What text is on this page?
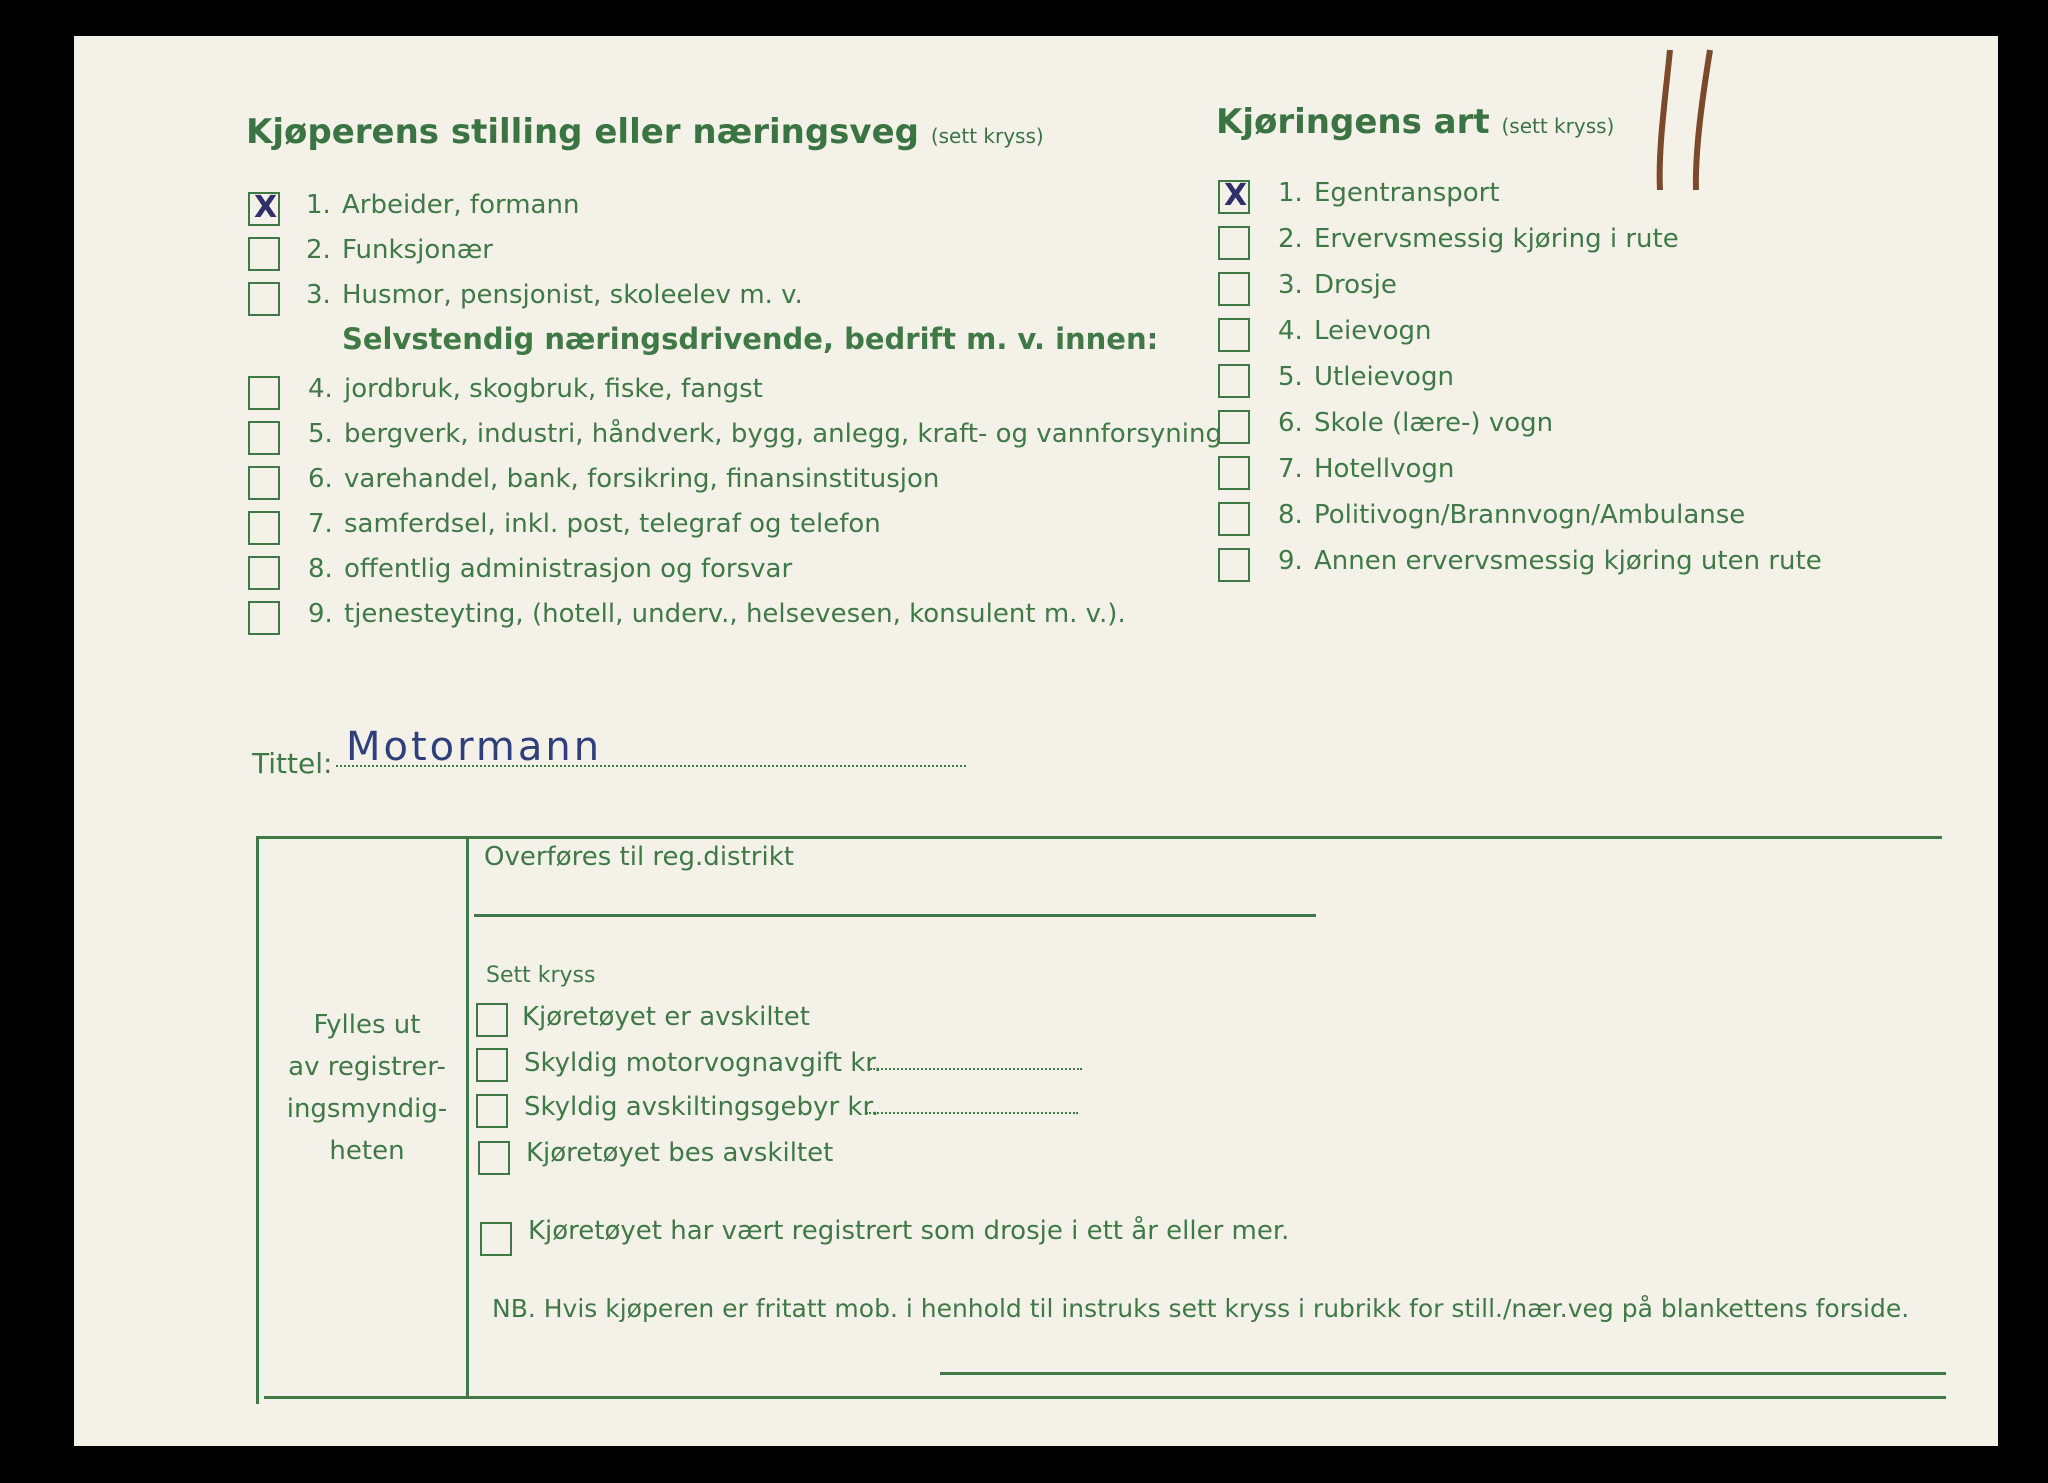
Kjøperens stilling eller næringsveg (sett kryss)
X 1. Arbeider, formann
2. Funksjonær
3. Husmor, pensjonist, skoleelev m. v.
Selvstendig næringsdrivende, bedrift m. v. innen:
4. jordbruk, skogbruk, fiske, fangst
5. bergverk, industri, håndverk, bygg, anlegg, kraft- og vannforsyning
6. varehandel, bank, forsikring, finansinstitusjon
7. samferdsel, inkl. post, telegraf og telefon
8. offentlig administrasjon og forsvar
9. tjenesteyting, (hotell, underv., helsevesen, konsulent m. v.).
Kjøringens art (sett kryss)
X 1. Egentransport
2. Ervervsmessig kjøring i rute
3. Drosje
4. Leievogn
5. Utleievogn
6. Skole (lære-) vogn
7. Hotellvogn
8. Politivogn/Brannvogn/Ambulanse
9. Annen ervervsmessig kjøring uten rute
Tittel: Motormann
Fylles ut
av registrer-
ingsmyndig-
heten
Overføres til reg.distrikt
Sett kryss
Kjøretøyet er avskiltet
Skyldig motorvognavgift kr.
Skyldig avskiltingsgebyr kr.
Kjøretøyet bes avskiltet
Kjøretøyet har vært registrert som drosje i ett år eller mer.
NB. Hvis kjøperen er fritatt mob. i henhold til instruks sett kryss i rubrikk for still./nær.veg på blankettens forside.
